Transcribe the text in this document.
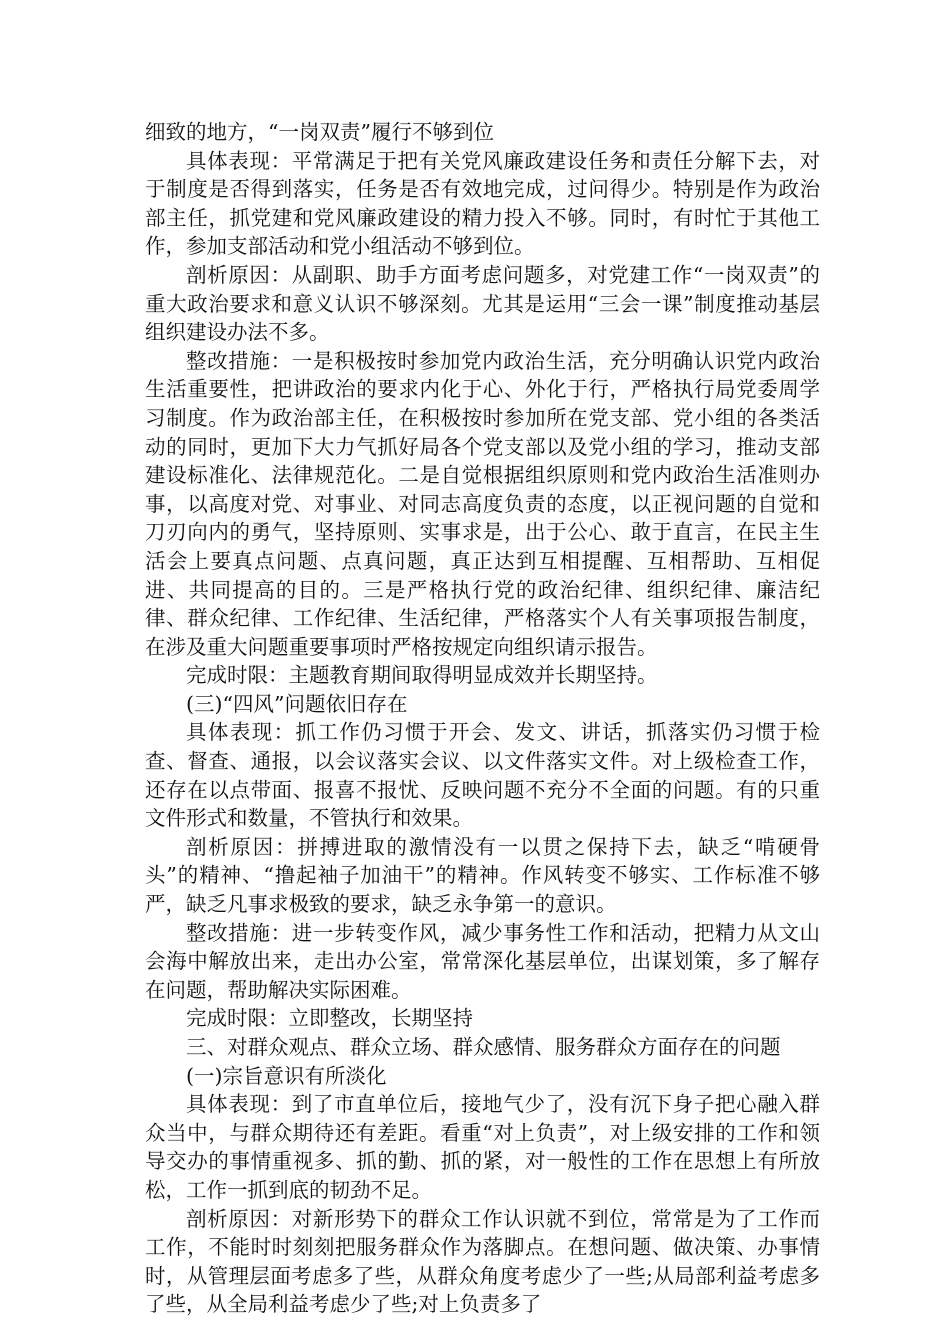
细致的地方，“一岗双责”履行不够到位

具体表现：平常满足于把有关党风廉政建设任务和责任分解下去，对于制度是否得到落实，任务是否有效地完成，过问得少。特别是作为政治部主任，抓党建和党风廉政建设的精力投入不够。同时，有时忙于其他工作，参加支部活动和党小组活动不够到位。

剖析原因：从副职、助手方面考虑问题多，对党建工作“一岗双责”的重大政治要求和意义认识不够深刻。尤其是运用“三会一课”制度推动基层组织建设办法不多。

整改措施：一是积极按时参加党内政治生活，充分明确认识党内政治生活重要性，把讲政治的要求内化于心、外化于行，严格执行局党委周学习制度。作为政治部主任，在积极按时参加所在党支部、党小组的各类活动的同时，更加下大力气抓好局各个党支部以及党小组的学习，推动支部建设标准化、法律规范化。二是自觉根据组织原则和党内政治生活准则办事，以高度对党、对事业、对同志高度负责的态度，以正视问题的自觉和刀刃向内的勇气，坚持原则、实事求是，出于公心、敢于直言，在民主生活会上要真点问题、点真问题，真正达到互相提醒、互相帮助、互相促进、共同提高的目的。三是严格执行党的政治纪律、组织纪律、廉洁纪律、群众纪律、工作纪律、生活纪律，严格落实个人有关事项报告制度，在涉及重大问题重要事项时严格按规定向组织请示报告。

完成时限：主题教育期间取得明显成效并长期坚持。

(三)“四风”问题依旧存在

具体表现：抓工作仍习惯于开会、发文、讲话，抓落实仍习惯于检查、督查、通报，以会议落实会议、以文件落实文件。对上级检查工作，还存在以点带面、报喜不报忧、反映问题不充分不全面的问题。有的只重文件形式和数量，不管执行和效果。

剖析原因：拼搏进取的激情没有一以贯之保持下去，缺乏“啃硬骨头”的精神、“撸起袖子加油干”的精神。作风转变不够实、工作标准不够严，缺乏凡事求极致的要求，缺乏永争第一的意识。

整改措施：进一步转变作风，减少事务性工作和活动，把精力从文山会海中解放出来，走出办公室，常常深化基层单位，出谋划策，多了解存在问题，帮助解决实际困难。

完成时限：立即整改，长期坚持

三、对群众观点、群众立场、群众感情、服务群众方面存在的问题

(一)宗旨意识有所淡化

具体表现：到了市直单位后，接地气少了，没有沉下身子把心融入群众当中，与群众期待还有差距。看重“对上负责”，对上级安排的工作和领导交办的事情重视多、抓的勤、抓的紧，对一般性的工作在思想上有所放松，工作一抓到底的韧劲不足。

剖析原因：对新形势下的群众工作认识就不到位，常常是为了工作而工作，不能时时刻刻把服务群众作为落脚点。在想问题、做决策、办事情时，从管理层面考虑多了些，从群众角度考虑少了一些;从局部利益考虑多了些，从全局利益考虑少了些;对上负责多了
